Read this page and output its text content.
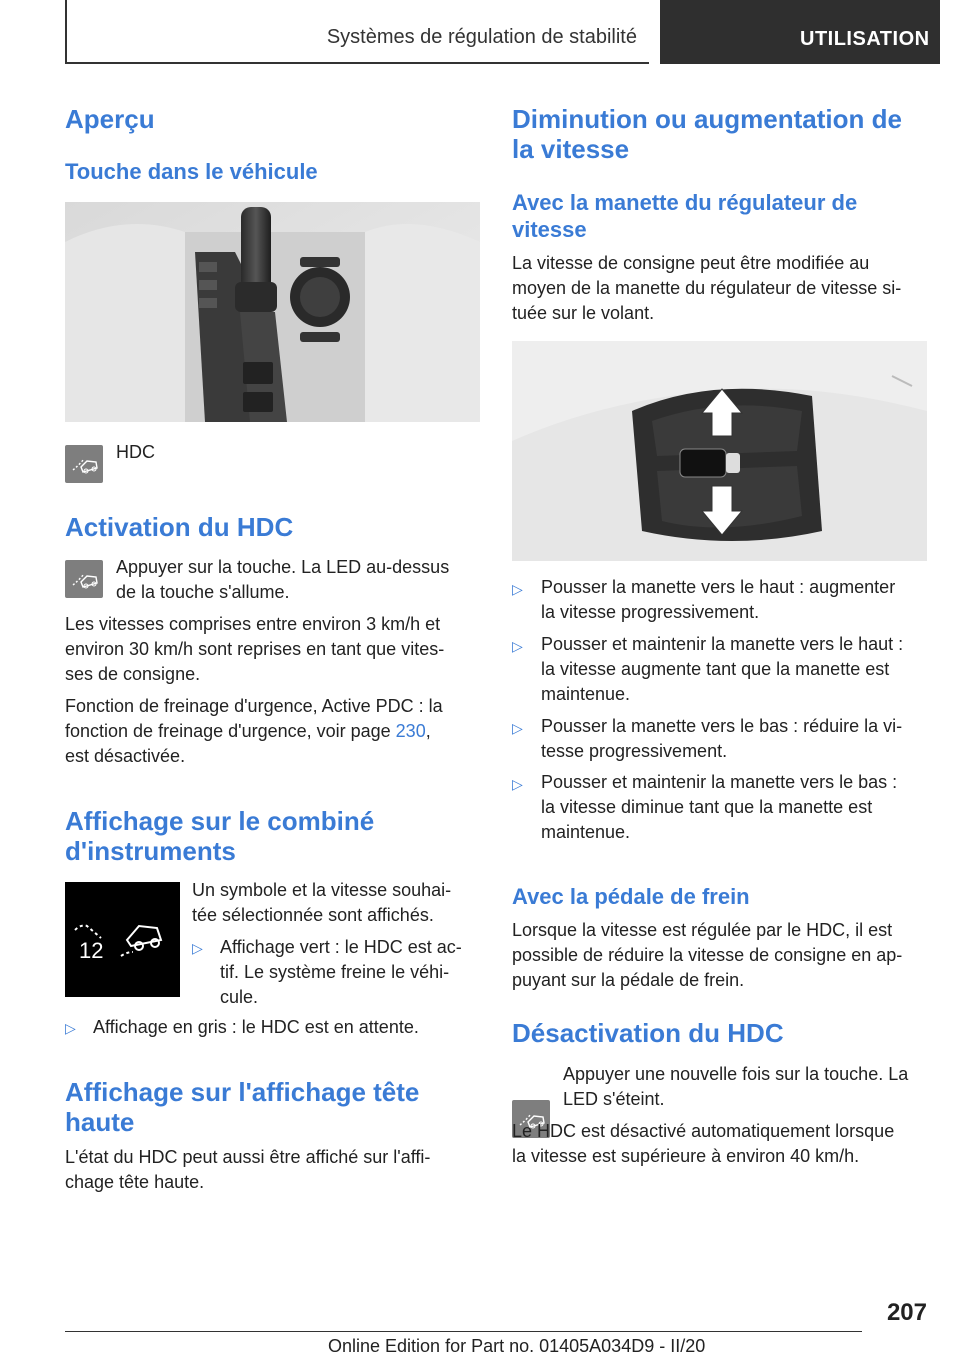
Systèmes de régulation de stabilité	UTILISATION
Aperçu
Touche dans le véhicule
HDC
Activation du HDC
Appuyer sur la touche. La LED au-dessus
de la touche s'allume.
Les vitesses comprises entre environ 3 km/h et
environ 30 km/h sont reprises en tant que vites-
ses de consigne.
Fonction de freinage d'urgence, Active PDC : la
fonction de freinage d'urgence, voir page 230,
est désactivée.
Affichage sur le combiné
d'instruments
12
Un symbole et la vitesse souhai-
tée sélectionnée sont affichés.
▷ Affichage vert : le HDC est ac-
tif. Le système freine le véhi-
cule.
▷ Affichage en gris : le HDC est en attente.
Affichage sur l'affichage tête
haute
L'état du HDC peut aussi être affiché sur l'affi-
chage tête haute.
Diminution ou augmentation de
la vitesse
Avec la manette du régulateur de
vitesse
La vitesse de consigne peut être modifiée au
moyen de la manette du régulateur de vitesse si-
tuée sur le volant.
▷ Pousser la manette vers le haut : augmenter
la vitesse progressivement.
▷ Pousser et maintenir la manette vers le haut :
la vitesse augmente tant que la manette est
maintenue.
▷ Pousser la manette vers le bas : réduire la vi-
tesse progressivement.
▷ Pousser et maintenir la manette vers le bas :
la vitesse diminue tant que la manette est
maintenue.
Avec la pédale de frein
Lorsque la vitesse est régulée par le HDC, il est
possible de réduire la vitesse de consigne en ap-
puyant sur la pédale de frein.
Désactivation du HDC
Appuyer une nouvelle fois sur la touche. La
LED s'éteint.
Le HDC est désactivé automatiquement lorsque
la vitesse est supérieure à environ 40 km/h.
207
Online Edition for Part no. 01405A034D9 - II/20
